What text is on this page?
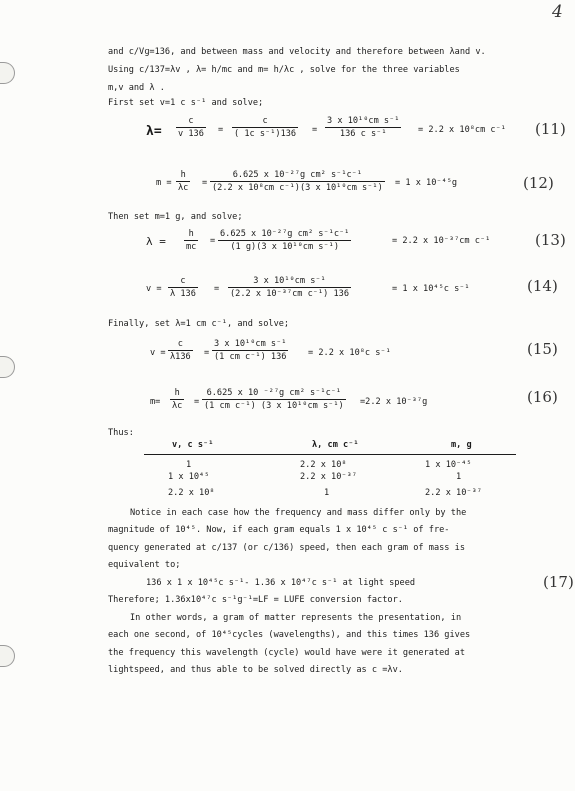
4
and c/Vɡ=136, and between mass and velocity and therefore between λand v.
Using c/137=λv , λ= h/mc and m= h/λc , solve for the three variables
m,v and λ .
First set v=1 c s⁻¹ and solve;
$\lambda= \frac{c}{v 136} = \frac{c}{\text{( 1c s⁻¹)136}} = \frac{\text{3 x 10¹⁰cm s⁻¹}}{\text{136 c s⁻¹}} = 2.2$ x 10⁸cm c⁻¹ (11)
$m = \frac{h}{\lambda c} = \frac{\text{6.625 x 10⁻²⁷g cm² s⁻¹c⁻¹}}{\text{(2.2 x 10⁸cm c⁻¹)(3 x 10¹⁰cm s⁻¹)}} = 1$ x 10⁻⁴⁵g	(12)
Then set m=1 g, and solve;
$\lambda = \frac{h}{mc} = \frac{\text{6.625 x 10⁻²⁷g cm² s⁻¹c⁻¹}}{\text{(1 g)(3 x 10¹⁰cm s⁻¹)}}$	= 2.2 x 10⁻³⁷cm c⁻¹	(13)
$v = \frac{c}{\lambda 136} = \frac{\text{3 x 10¹⁰cm s⁻¹}}{\text{(2.2 x 10⁻³⁷cm c⁻¹) 136}}$	= 1 x 10⁴⁵c s⁻¹	(14)
Finally, set λ=1 cm c⁻¹, and solve;
$v = \frac{c}{\lambda 136} = \frac{\text{3 x 10¹⁰cm s⁻¹}}{\text{(1 cm c⁻¹) 136}} = 2.2$ x 10⁸c s⁻¹	(15)
$m= \frac{h}{\lambda c} = \frac{\text{6.625 x 10 ⁻²⁷g cm² s⁻¹c⁻¹}}{\text{(1 cm c⁻¹) (3 x 10¹⁰cm s⁻¹)}} =2.2$ x 10⁻³⁷g	(16)
Thus:
v, c s⁻¹	λ, cm c⁻¹	m, g
1	2.2 x 10⁸	1 x 10⁻⁴⁵
1 x 10⁴⁵	2.2 x 10⁻³⁷	1
2.2 x 10⁸	1	2.2 x 10⁻³⁷
Notice in each case how the frequency and mass differ only by the
magnitude of 10⁴⁵. Now, if each gram equals 1 x 10⁴⁵ c s⁻¹ of fre-
quency generated at c/137 (or c/136) speed, then each gram of mass is
equivalent to;
136 x 1 x 10⁴⁵c s⁻¹- 1.36 x 10⁴⁷c s⁻¹ at light speed	(17)
Therefore; 1.36x10⁴⁷c s⁻¹g⁻¹=LF = LUFE conversion factor.
In other words, a gram of matter represents the presentation, in
each one second, of 10⁴⁵cycles (wavelengths), and this times 136 gives
the frequency this wavelength (cycle) would have were it generated at
lightspeed, and thus able to be solved directly as c =λv.
